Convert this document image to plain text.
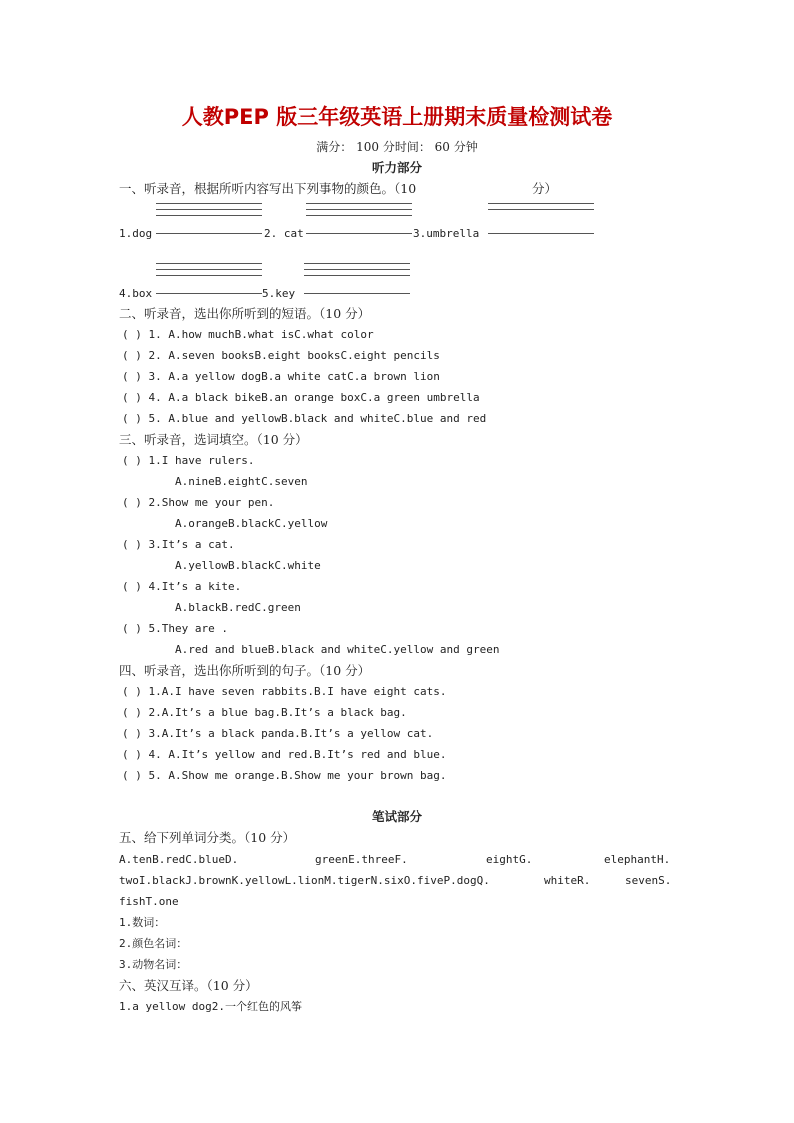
人教PEP 版三年级英语上册期末质量检测试卷
满分： 100 分时间： 60 分钟
听力部分
一、听录音，根据所听内容写出下列事物的颜色。（10	分）
1.dog	2. cat	3.umbrella
4.box	5.key
二、听录音，选出你所听到的短语。（10 分）
( ) 1. A.how muchB.what isC.what color
( ) 2. A.seven booksB.eight booksC.eight pencils
( ) 3. A.a yellow dogB.a white catC.a brown lion
( ) 4. A.a black bikeB.an orange boxC.a green umbrella
( ) 5. A.blue and yellowB.black and whiteC.blue and red
三、听录音，选词填空。（10 分）
( ) 1.I have rulers.
A.nineB.eightC.seven
( ) 2.Show me your pen.
A.orangeB.blackC.yellow
( ) 3.It’s a cat.
A.yellowB.blackC.white
( ) 4.It’s a kite.
A.blackB.redC.green
( ) 5.They are .
A.red and blueB.black and whiteC.yellow and green
四、听录音，选出你所听到的句子。（10 分）
( ) 1.A.I have seven rabbits.B.I have eight cats.
( ) 2.A.It’s a blue bag.B.It’s a black bag.
( ) 3.A.It’s a black panda.B.It’s a yellow cat.
( ) 4. A.It’s yellow and red.B.It’s red and blue.
( ) 5. A.Show me orange.B.Show me your brown bag.
笔试部分
五、给下列单词分类。（10 分）
A.tenB.redC.blueD.	greenE.threeF.	eightG.	elephantH.
twoI.blackJ.brownK.yellowL.lionM.tigerN.sixO.fiveP.dogQ.	whiteR.	sevenS.
fishT.one
1.数词：
2.颜色名词：
3.动物名词：
六、英汉互译。（10 分）
1.a yellow dog2.一个红色的风筝
